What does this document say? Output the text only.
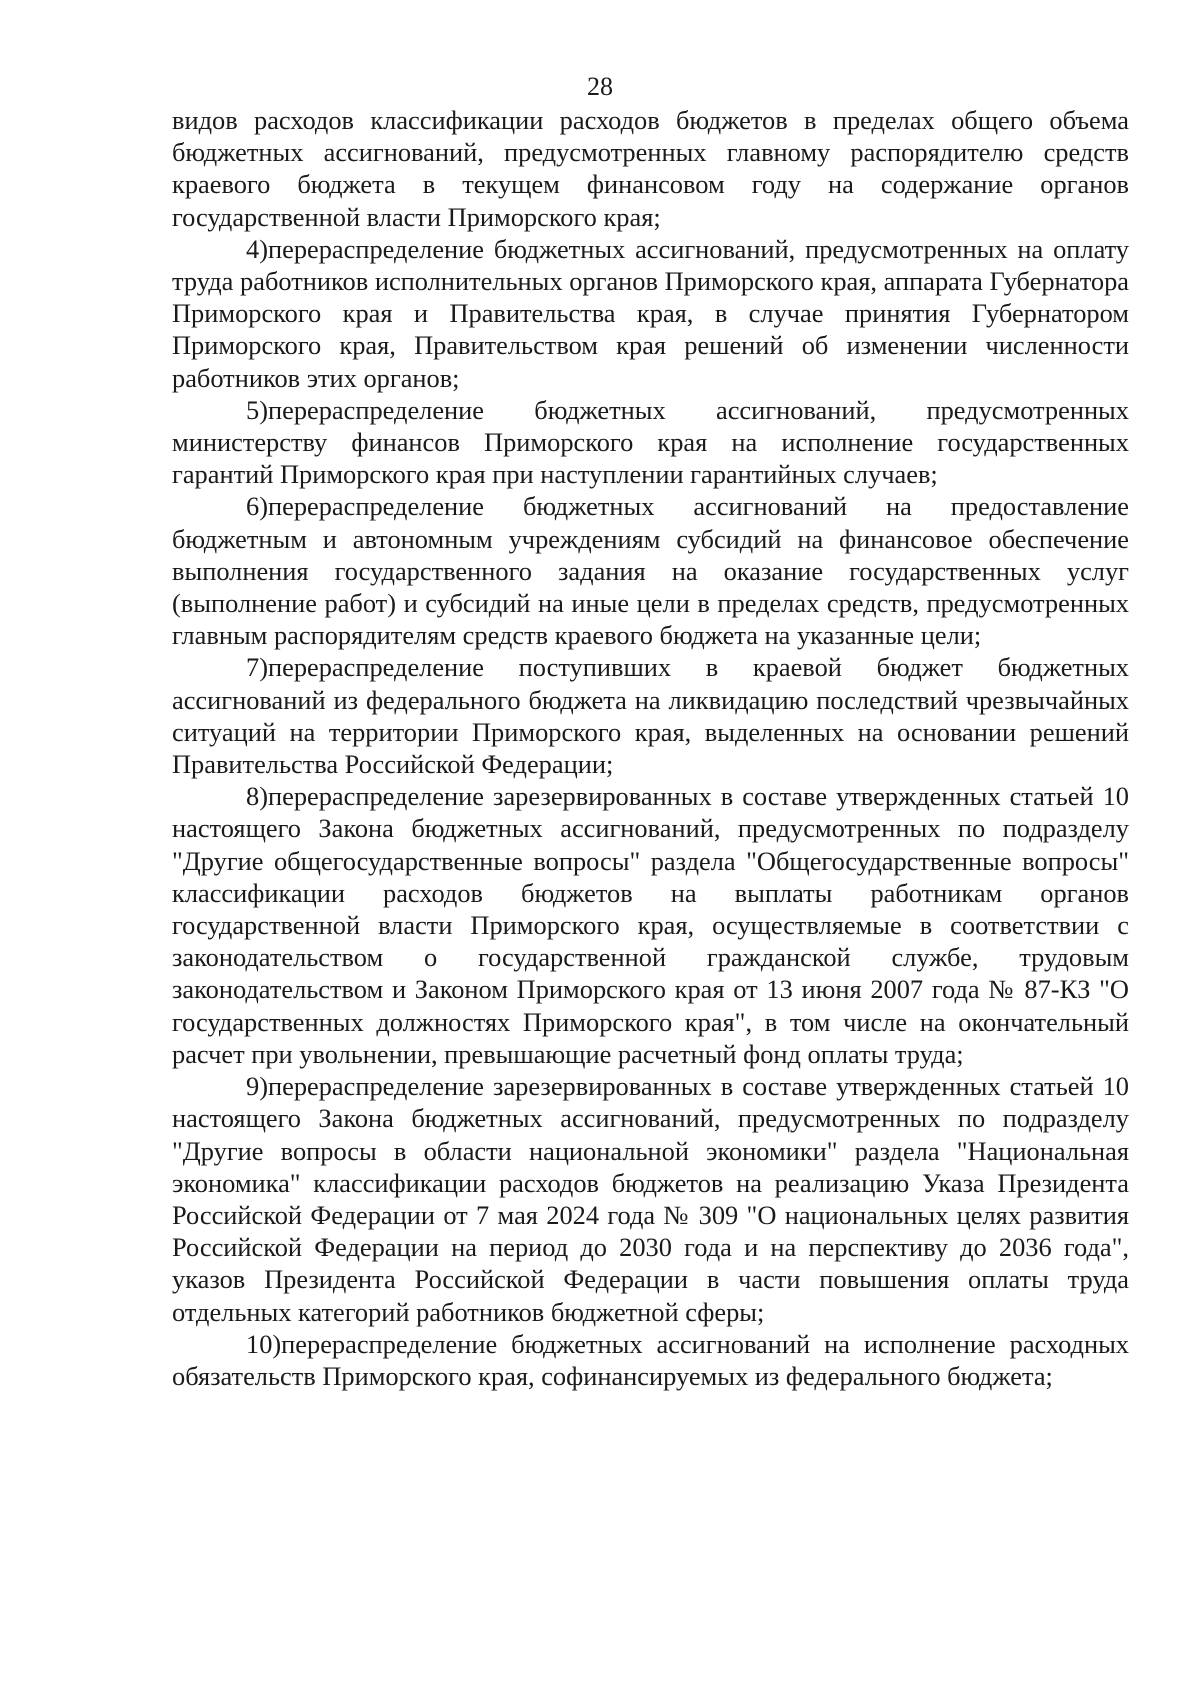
28

видов расходов классификации расходов бюджетов в пределах общего объема бюджетных ассигнований, предусмотренных главному распорядителю средств краевого бюджета в текущем финансовом году на содержание органов государственной власти Приморского края;

4)перераспределение бюджетных ассигнований, предусмотренных на оплату труда работников исполнительных органов Приморского края, аппарата Губернатора Приморского края и Правительства края, в случае принятия Губернатором Приморского края, Правительством края решений об изменении численности работников этих органов;

5)перераспределение бюджетных ассигнований, предусмотренных министерству финансов Приморского края на исполнение государственных гарантий Приморского края при наступлении гарантийных случаев;

6)перераспределение бюджетных ассигнований на предоставление бюджетным и автономным учреждениям субсидий на финансовое обеспечение выполнения государственного задания на оказание государственных услуг (выполнение работ) и субсидий на иные цели в пределах средств, предусмотренных главным распорядителям средств краевого бюджета на указанные цели;

7)перераспределение поступивших в краевой бюджет бюджетных ассигнований из федерального бюджета на ликвидацию последствий чрезвычайных ситуаций на территории Приморского края, выделенных на основании решений Правительства Российской Федерации;

8)перераспределение зарезервированных в составе утвержденных статьей 10 настоящего Закона бюджетных ассигнований, предусмотренных по подразделу "Другие общегосударственные вопросы" раздела "Общегосударственные вопросы" классификации расходов бюджетов на выплаты работникам органов государственной власти Приморского края, осуществляемые в соответствии с законодательством о государственной гражданской службе, трудовым законодательством и Законом Приморского края от 13 июня 2007 года № 87-КЗ "О государственных должностях Приморского края", в том числе на окончательный расчет при увольнении, превышающие расчетный фонд оплаты труда;

9)перераспределение зарезервированных в составе утвержденных статьей 10 настоящего Закона бюджетных ассигнований, предусмотренных по подразделу "Другие вопросы в области национальной экономики" раздела "Национальная экономика" классификации расходов бюджетов на реализацию Указа Президента Российской Федерации от 7 мая 2024 года № 309 "О национальных целях развития Российской Федерации на период до 2030 года и на перспективу до 2036 года", указов Президента Российской Федерации в части повышения оплаты труда отдельных категорий работников бюджетной сферы;

10)перераспределение бюджетных ассигнований на исполнение расходных обязательств Приморского края, софинансируемых из федерального бюджета;
